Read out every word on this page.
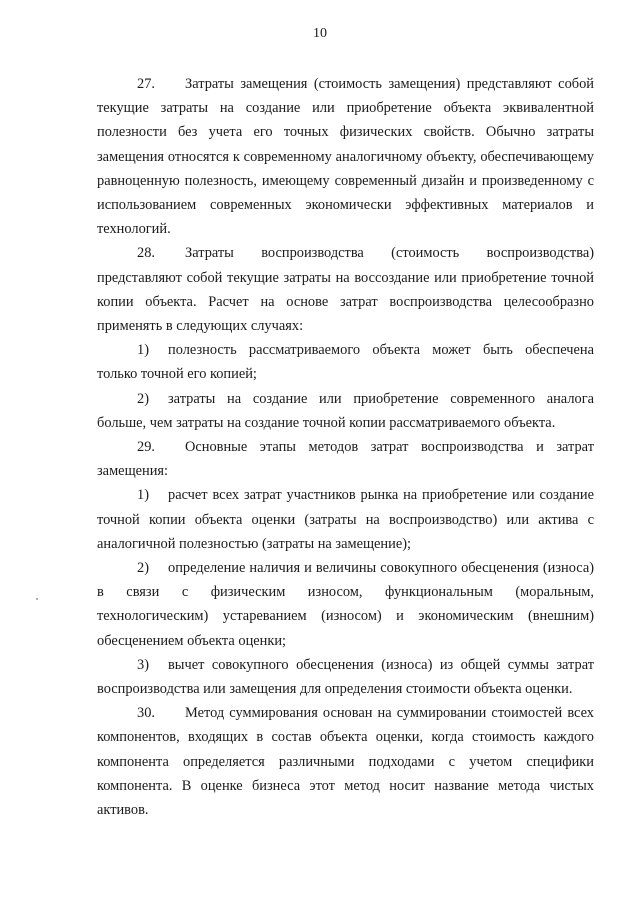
10

27. Затраты замещения (стоимость замещения) представляют собой текущие затраты на создание или приобретение объекта эквивалентной полезности без учета его точных физических свойств. Обычно затраты замещения относятся к современному аналогичному объекту, обеспечивающему равноценную полезность, имеющему современный дизайн и произведенному с использованием современных экономически эффективных материалов и технологий.

28. Затраты воспроизводства (стоимость воспроизводства) представляют собой текущие затраты на воссоздание или приобретение точной копии объекта. Расчет на основе затрат воспроизводства целесообразно применять в следующих случаях:

1) полезность рассматриваемого объекта может быть обеспечена только точной его копией;

2) затраты на создание или приобретение современного аналога больше, чем затраты на создание точной копии рассматриваемого объекта.

29. Основные этапы методов затрат воспроизводства и затрат замещения:

1) расчет всех затрат участников рынка на приобретение или создание точной копии объекта оценки (затраты на воспроизводство) или актива с аналогичной полезностью (затраты на замещение);

2) определение наличия и величины совокупного обесценения (износа) в связи с физическим износом, функциональным (моральным, технологическим) устареванием (износом) и экономическим (внешним) обесценением объекта оценки;

3) вычет совокупного обесценения (износа) из общей суммы затрат воспроизводства или замещения для определения стоимости объекта оценки.

30. Метод суммирования основан на суммировании стоимостей всех компонентов, входящих в состав объекта оценки, когда стоимость каждого компонента определяется различными подходами с учетом специфики компонента. В оценке бизнеса этот метод носит название метода чистых активов.
